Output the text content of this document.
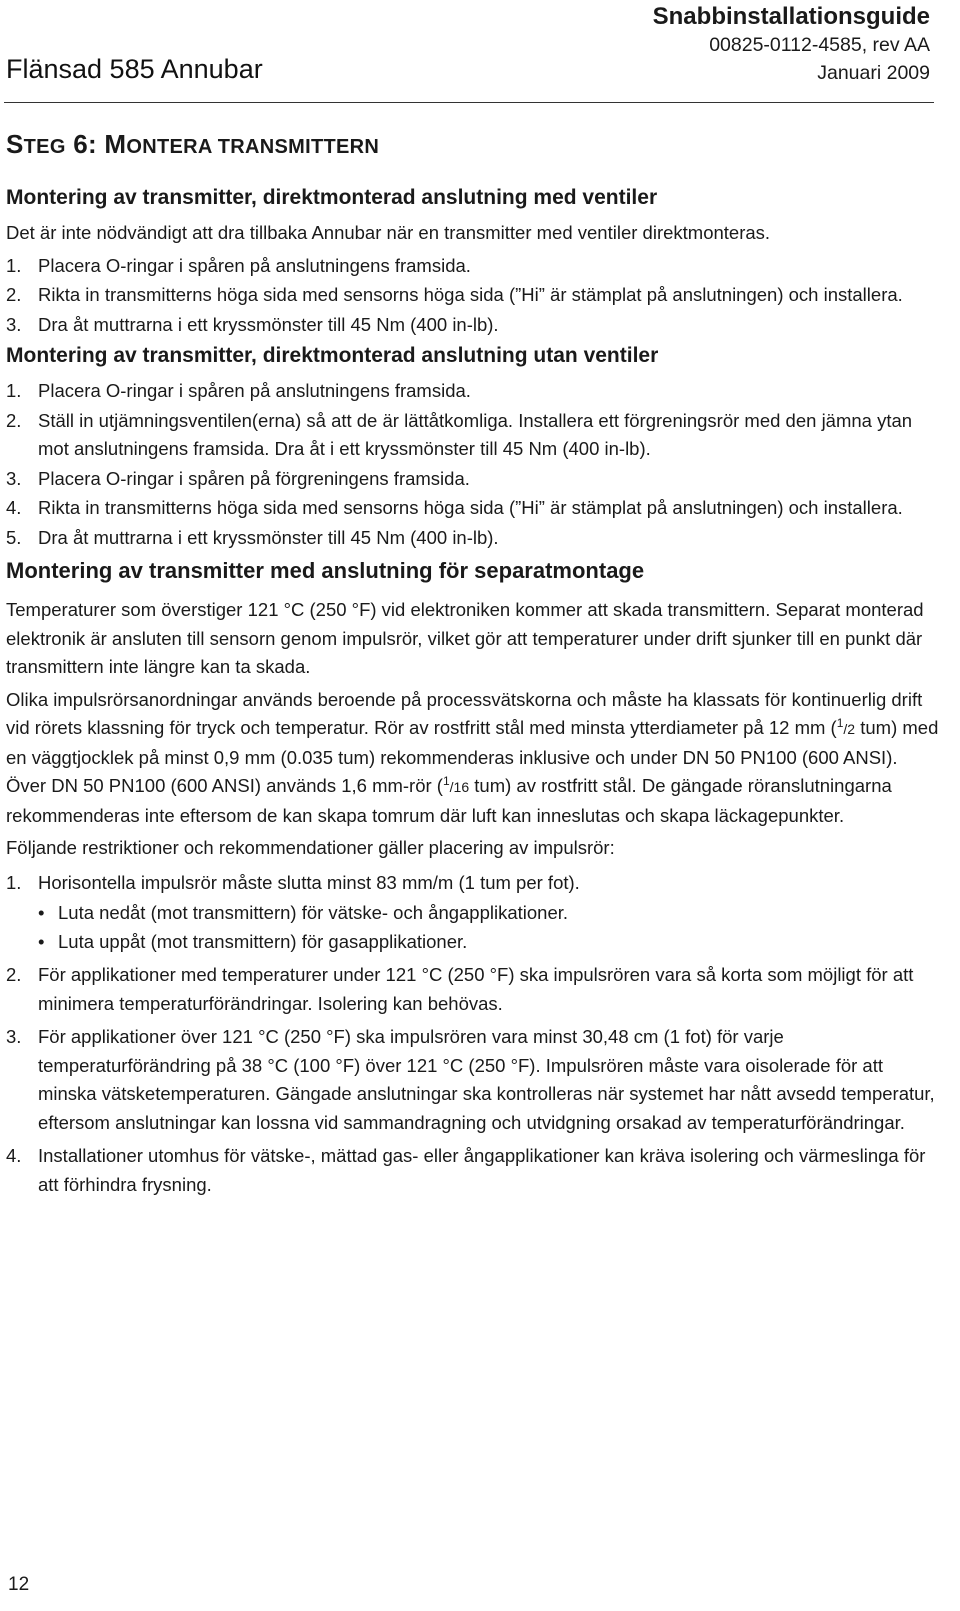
Flänsad 585 Annubar
Snabbinstallationsguide
00825-0112-4585, rev AA
Januari 2009
STEG 6: MONTERA TRANSMITTERN
Montering av transmitter, direktmonterad anslutning med ventiler

Det är inte nödvändigt att dra tillbaka Annubar när en transmitter med ventiler direktmonteras.

1. Placera O-ringar i spåren på anslutningens framsida.
2. Rikta in transmitterns höga sida med sensorns höga sida (”Hi” är stämplat på anslutningen) och installera.
3. Dra åt muttrarna i ett kryssmönster till 45 Nm (400 in-lb).
Montering av transmitter, direktmonterad anslutning utan ventiler
1. Placera O-ringar i spåren på anslutningens framsida.
2. Ställ in utjämningsventilen(erna) så att de är lättåtkomliga. Installera ett förgreningsrör med den jämna ytan mot anslutningens framsida. Dra åt i ett kryssmönster till 45 Nm (400 in-lb).
3. Placera O-ringar i spåren på förgreningens framsida.
4. Rikta in transmitterns höga sida med sensorns höga sida (”Hi” är stämplat på anslutningen) och installera.
5. Dra åt muttrarna i ett kryssmönster till 45 Nm (400 in-lb).
Montering av transmitter med anslutning för separatmontage

Temperaturer som överstiger 121 °C (250 °F) vid elektroniken kommer att skada transmittern. Separat monterad elektronik är ansluten till sensorn genom impulsrör, vilket gör att temperaturer under drift sjunker till en punkt där transmittern inte längre kan ta skada.

Olika impulsrörsanordningar används beroende på processvätskorna och måste ha klassats för kontinuerlig drift vid rörets klassning för tryck och temperatur. Rör av rostfritt stål med minsta ytterdiameter på 12 mm ($^1$/2 tum) med en väggtjocklek på minst 0,9 mm (0.035 tum) rekommenderas inklusive och under DN 50 PN100 (600 ANSI). Över DN 50 PN100 (600 ANSI) används 1,6 mm-rör ($^1$/16 tum) av rostfritt stål. De gängade röranslutningarna rekommenderas inte eftersom de kan skapa tomrum där luft kan inneslutas och skapa läckagepunkter.

Följande restriktioner och rekommendationer gäller placering av impulsrör:

1. Horisontella impulsrör måste slutta minst 83 mm/m (1 tum per fot).
• Luta nedåt (mot transmittern) för vätske- och ångapplikationer.
• Luta uppåt (mot transmittern) för gasapplikationer.
2. För applikationer med temperaturer under 121 °C (250 °F) ska impulsrören vara så korta som möjligt för att minimera temperaturförändringar. Isolering kan behövas.
3. För applikationer över 121 °C (250 °F) ska impulsrören vara minst 30,48 cm (1 fot) för varje temperaturförändring på 38 °C (100 °F) över 121 °C (250 °F). Impulsrören måste vara oisolerade för att minska vätsketemperaturen. Gängade anslutningar ska kontrolleras när systemet har nått avsedd temperatur, eftersom anslutningar kan lossna vid sammandragning och utvidgning orsakad av temperaturförändringar.
4. Installationer utomhus för vätske-, mättad gas- eller ångapplikationer kan kräva isolering och värmeslinga för att förhindra frysning.
12
